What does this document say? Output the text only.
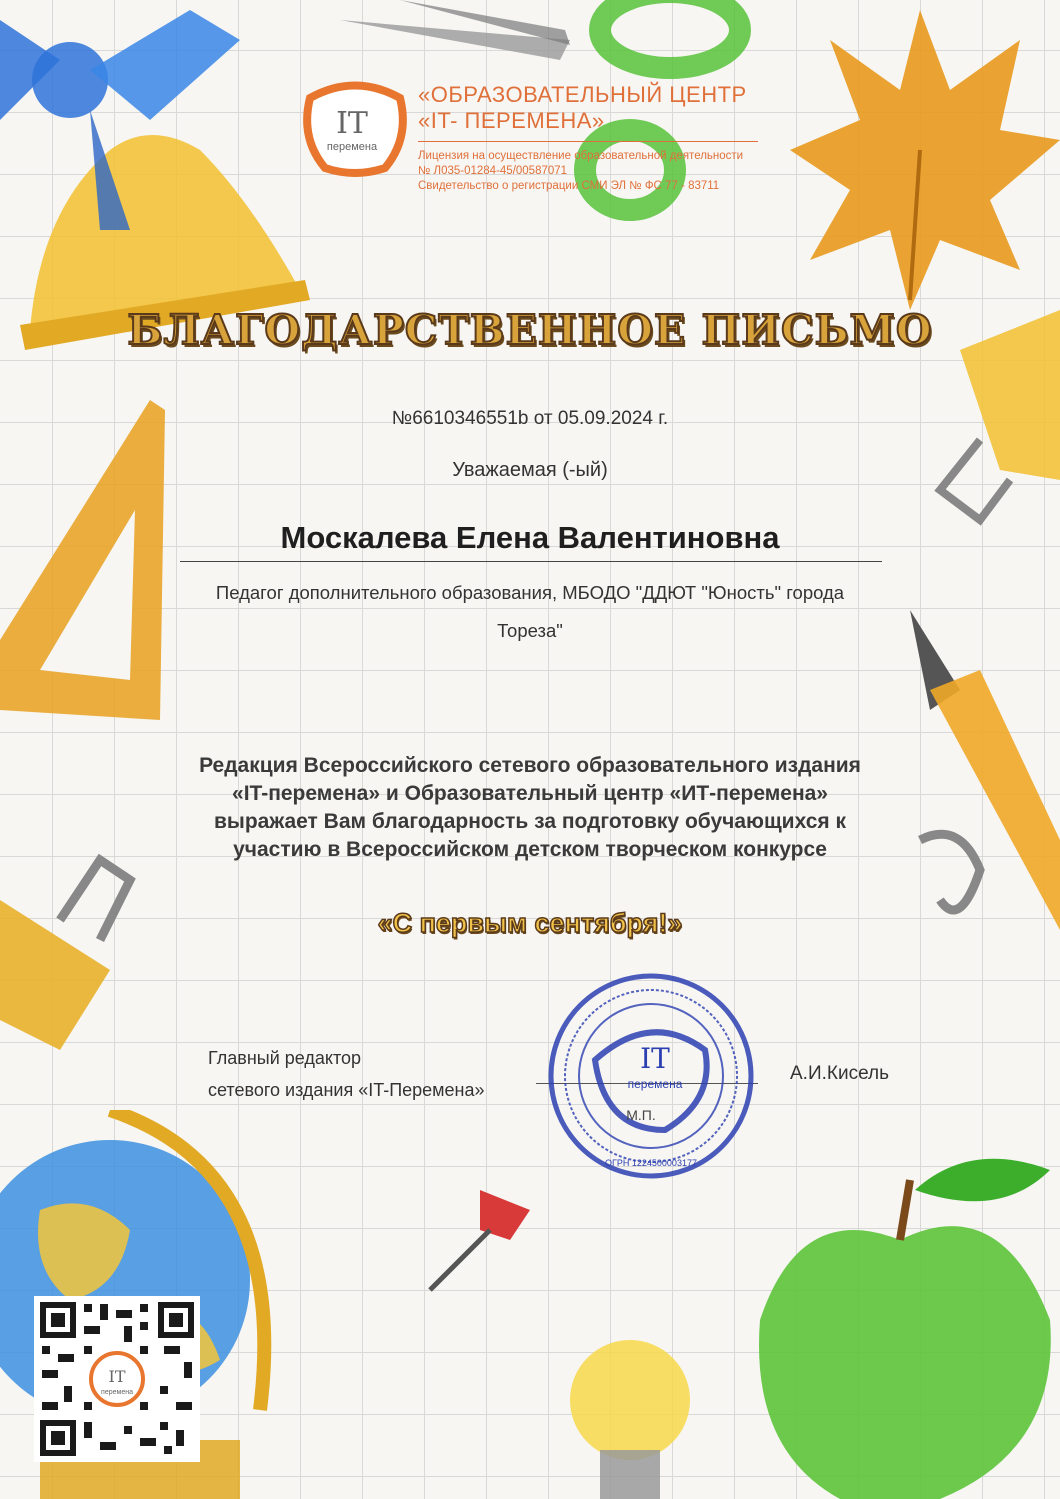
IT
перемена
«ОБРАЗОВАТЕЛЬНЫЙ ЦЕНТР
«IT- ПЕРЕМЕНА»
Лицензия на осуществление образовательной деятельности
№ Л035-01284-45/00587071
Свидетельство о регистрации СМИ ЭЛ № ФС 77 - 83711
БЛАГОДАРСТВЕННОЕ ПИСЬМО
№6610346551b от 05.09.2024 г.
Уважаемая (-ый)
Москалева Елена Валентиновна
Педагог дополнительного образования, МБОДО "ДДЮТ "Юность" города
Тореза"
Редакция Всероссийского сетевого образовательного издания
«IT-перемена» и Образовательный центр «ИТ-перемена»
выражает Вам благодарность за подготовку обучающихся к
участию в Всероссийском детском творческом конкурсе
«С первым сентября!»
Главный редактор
сетевого издания «IT-Перемена»
А.И.Кисель
IT
перемена
М.П.
ОГРН 1224500003177
IT
перемена
